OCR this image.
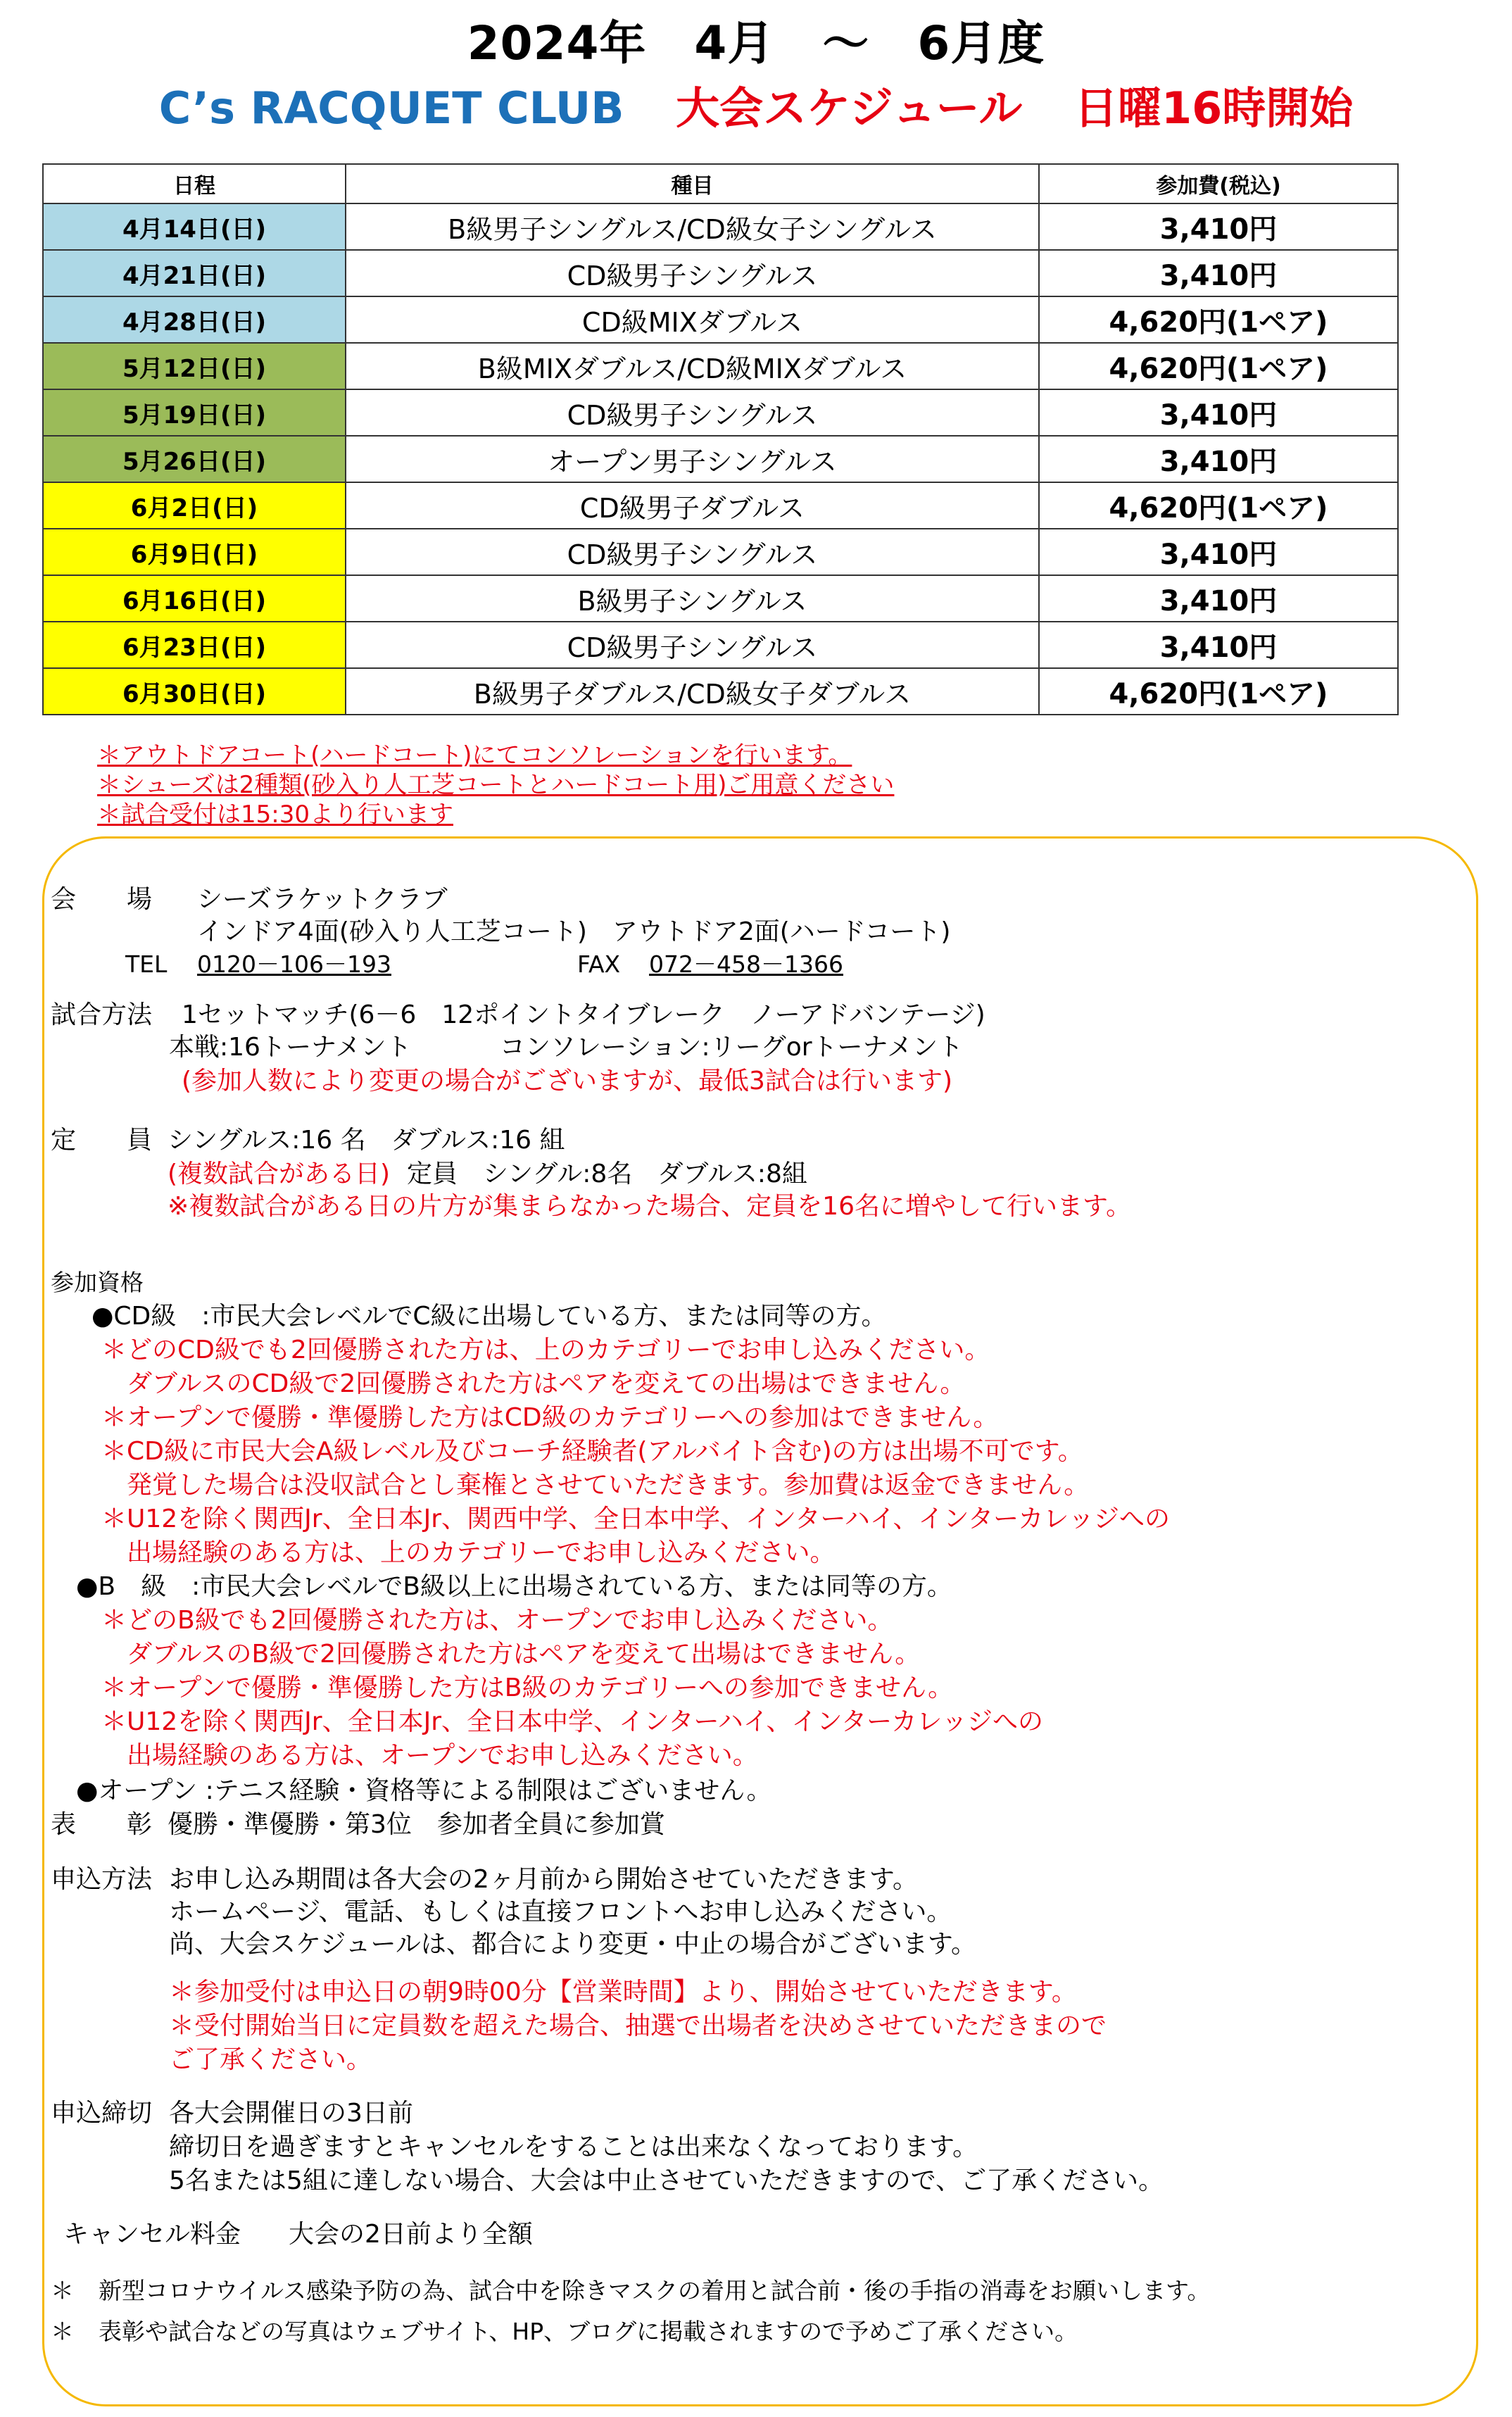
2024年 4月 ～ 6月度
C’s RACQUET CLUB 大会スケジュール 日曜16時開始
日程	種目	参加費(税込)
4月14日(日)	B級男子シングルス/CD級女子シングルス	3,410円
4月21日(日)	CD級男子シングルス	3,410円
4月28日(日)	CD級MIXダブルス	4,620円(1ペア)
5月12日(日)	B級MIXダブルス/CD級MIXダブルス	4,620円(1ペア)
5月19日(日)	CD級男子シングルス	3,410円
5月26日(日)	オープン男子シングルス	3,410円
6月2日(日)	CD級男子ダブルス	4,620円(1ペア)
6月9日(日)	CD級男子シングルス	3,410円
6月16日(日)	B級男子シングルス	3,410円
6月23日(日)	CD級男子シングルス	3,410円
6月30日(日)	B級男子ダブルス/CD級女子ダブルス	4,620円(1ペア)
＊アウトドアコート(ハードコート)にてコンソレーションを行います。
＊シューズは2種類(砂入り人工芝コートとハードコート用)ご用意ください
＊試合受付は15:30より行います
会　　場 シーズラケットクラブ
インドア4面(砂入り人工芝コート)　アウトドア2面(ハードコート)
TEL 0120－106－193	FAX 072－458－1366
試合方法 1セットマッチ(6－6　12ポイントタイブレーク　ノーアドバンテージ)
本戦:16トーナメント	コンソレーション:リーグorトーナメント
(参加人数により変更の場合がございますが、最低3試合は行います)
定　　員 シングルス:16 名　ダブルス:16 組
(複数試合がある日) 定員　シングル:8名　ダブルス:8組
※複数試合がある日の片方が集まらなかった場合、定員を16名に増やして行います。
参加資格
●CD級　:市民大会レベルでC級に出場している方、または同等の方。
＊どのCD級でも2回優勝された方は、上のカテゴリーでお申し込みください。
　ダブルスのCD級で2回優勝された方はペアを変えての出場はできません。
＊オープンで優勝・準優勝した方はCD級のカテゴリーへの参加はできません。
＊CD級に市民大会A級レベル及びコーチ経験者(アルバイト含む)の方は出場不可です。
　発覚した場合は没収試合とし棄権とさせていただきます。参加費は返金できません。
＊U12を除く関西Jr、全日本Jr、関西中学、全日本中学、インターハイ、インターカレッジへの
　出場経験のある方は、上のカテゴリーでお申し込みください。
●B　級　:市民大会レベルでB級以上に出場されている方、または同等の方。
＊どのB級でも2回優勝された方は、オープンでお申し込みください。
　ダブルスのB級で2回優勝された方はペアを変えて出場はできません。
＊オープンで優勝・準優勝した方はB級のカテゴリーへの参加できません。
＊U12を除く関西Jr、全日本Jr、全日本中学、インターハイ、インターカレッジへの
　出場経験のある方は、オープンでお申し込みください。
●オープン :テニス経験・資格等による制限はございません。
表　　彰 優勝・準優勝・第3位　参加者全員に参加賞
申込方法 お申し込み期間は各大会の2ヶ月前から開始させていただきます。
ホームページ、電話、もしくは直接フロントへお申し込みください。
尚、大会スケジュールは、都合により変更・中止の場合がございます。
＊参加受付は申込日の朝9時00分【営業時間】より、開始させていただきます。
＊受付開始当日に定員数を超えた場合、抽選で出場者を決めさせていただきまので
ご了承ください。
申込締切 各大会開催日の3日前
締切日を過ぎますとキャンセルをすることは出来なくなっております。
5名または5組に達しない場合、大会は中止させていただきますので、ご了承ください。
キャンセル料金 大会の2日前より全額
＊ 新型コロナウイルス感染予防の為、試合中を除きマスクの着用と試合前・後の手指の消毒をお願いします。
＊ 表彰や試合などの写真はウェブサイト、HP、ブログに掲載されますので予めご了承ください。
